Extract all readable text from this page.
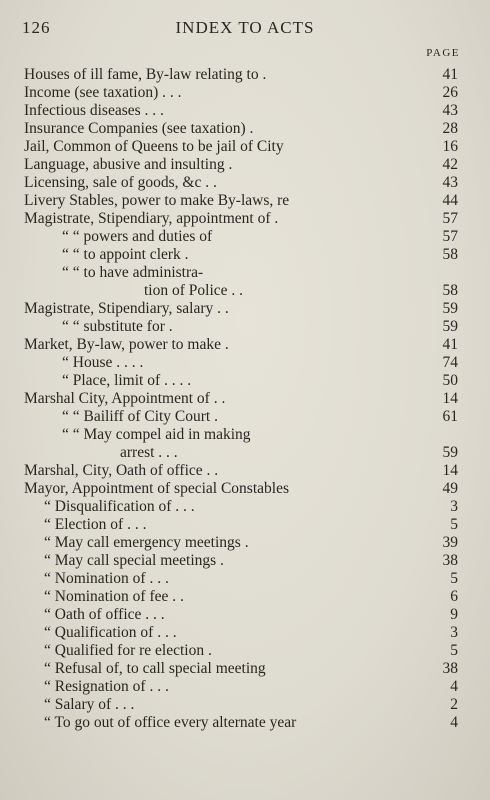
126	INDEX TO ACTS
PAGE
Houses of ill fame, By-law relating to .	41
Income (see taxation) . . .	26
Infectious diseases . . .	43
Insurance Companies (see taxation) .	28
Jail, Common of Queens to be jail of City	16
Language, abusive and insulting .	42
Licensing, sale of goods, &c . .	43
Livery Stables, power to make By-laws, re	44
Magistrate, Stipendiary, appointment of .	57
“ “ powers and duties of	57
“ “ to appoint clerk .	58
“ “ to have administra-
tion of Police . .	58
Magistrate, Stipendiary, salary . .	59
“ “ substitute for .	59
Market, By-law, power to make .	41
“ House . . . .	74
“ Place, limit of . . . .	50
Marshal City, Appointment of . .	14
“ “ Bailiff of City Court .	61
“ “ May compel aid in making
arrest . . .	59
Marshal, City, Oath of office . .	14
Mayor, Appointment of special Constables	49
“ Disqualification of . . .	3
“ Election of . . .	5
“ May call emergency meetings .	39
“ May call special meetings .	38
“ Nomination of . . .	5
“ Nomination of fee . .	6
“ Oath of office . . .	9
“ Qualification of . . .	3
“ Qualified for re election .	5
“ Refusal of, to call special meeting	38
“ Resignation of . . .	4
“ Salary of . . .	2
“ To go out of office every alternate year	4
